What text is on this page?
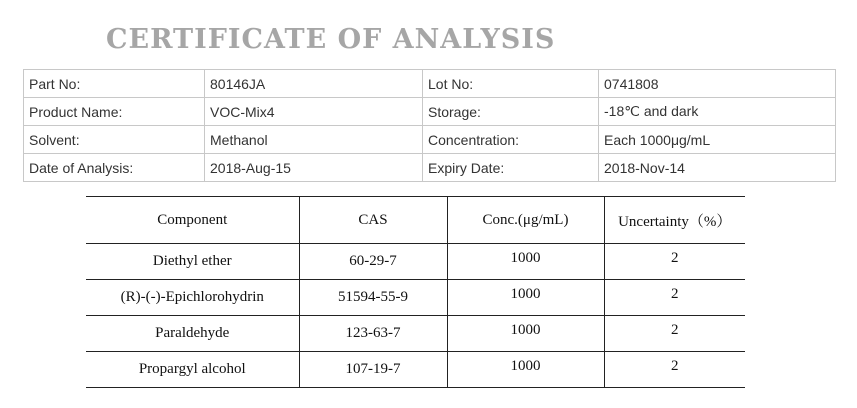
CERTIFICATE OF ANALYSIS
Part No:	80146JA	Lot No:	0741808
Product Name:	VOC-Mix4	Storage:	-18℃ and dark
Solvent:	Methanol	Concentration:	Each 1000μg/mL
Date of Analysis:	2018-Aug-15	Expiry Date:	2018-Nov-14
Component	CAS	Conc.(μg/mL)	Uncertainty（%）
Diethyl ether	60-29-7	1000	2
(R)-(-)-Epichlorohydrin	51594-55-9	1000	2
Paraldehyde	123-63-7	1000	2
Propargyl alcohol	107-19-7	1000	2
